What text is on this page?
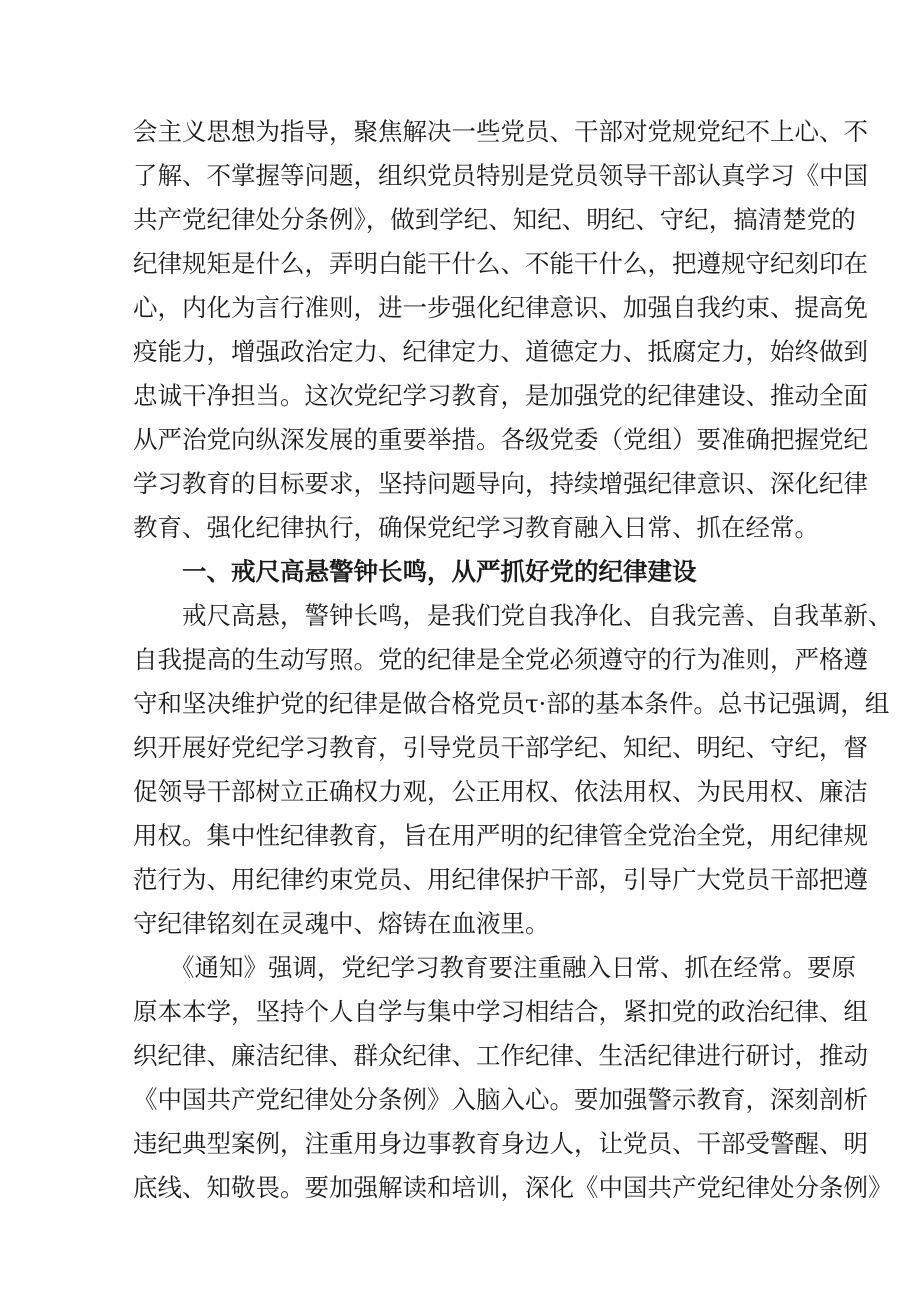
会主义思想为指导，聚焦解决一些党员、干部对党规党纪不上心、不
了解、不掌握等问题，组织党员特别是党员领导干部认真学习《中国
共产党纪律处分条例》，做到学纪、知纪、明纪、守纪，搞清楚党的
纪律规矩是什么，弄明白能干什么、不能干什么，把遵规守纪刻印在
心，内化为言行准则，进一步强化纪律意识、加强自我约束、提高免
疫能力，增强政治定力、纪律定力、道德定力、抵腐定力，始终做到
忠诚干净担当。这次党纪学习教育，是加强党的纪律建设、推动全面
从严治党向纵深发展的重要举措。各级党委（党组）要准确把握党纪
学习教育的目标要求，坚持问题导向，持续增强纪律意识、深化纪律
教育、强化纪律执行，确保党纪学习教育融入日常、抓在经常。
一、戒尺高悬警钟长鸣，从严抓好党的纪律建设
戒尺高悬，警钟长鸣，是我们党自我净化、自我完善、自我革新、
自我提高的生动写照。党的纪律是全党必须遵守的行为准则，严格遵
守和坚决维护党的纪律是做合格党员τ·部的基本条件。总书记强调，组
织开展好党纪学习教育，引导党员干部学纪、知纪、明纪、守纪，督
促领导干部树立正确权力观，公正用权、依法用权、为民用权、廉洁
用权。集中性纪律教育，旨在用严明的纪律管全党治全党，用纪律规
范行为、用纪律约束党员、用纪律保护干部，引导广大党员干部把遵
守纪律铭刻在灵魂中、熔铸在血液里。
《通知》强调，党纪学习教育要注重融入日常、抓在经常。要原
原本本学，坚持个人自学与集中学习相结合，紧扣党的政治纪律、组
织纪律、廉洁纪律、群众纪律、工作纪律、生活纪律进行研讨，推动
《中国共产党纪律处分条例》入脑入心。要加强警示教育，深刻剖析
违纪典型案例，注重用身边事教育身边人，让党员、干部受警醒、明
底线、知敬畏。要加强解读和培训，深化《中国共产党纪律处分条例》
